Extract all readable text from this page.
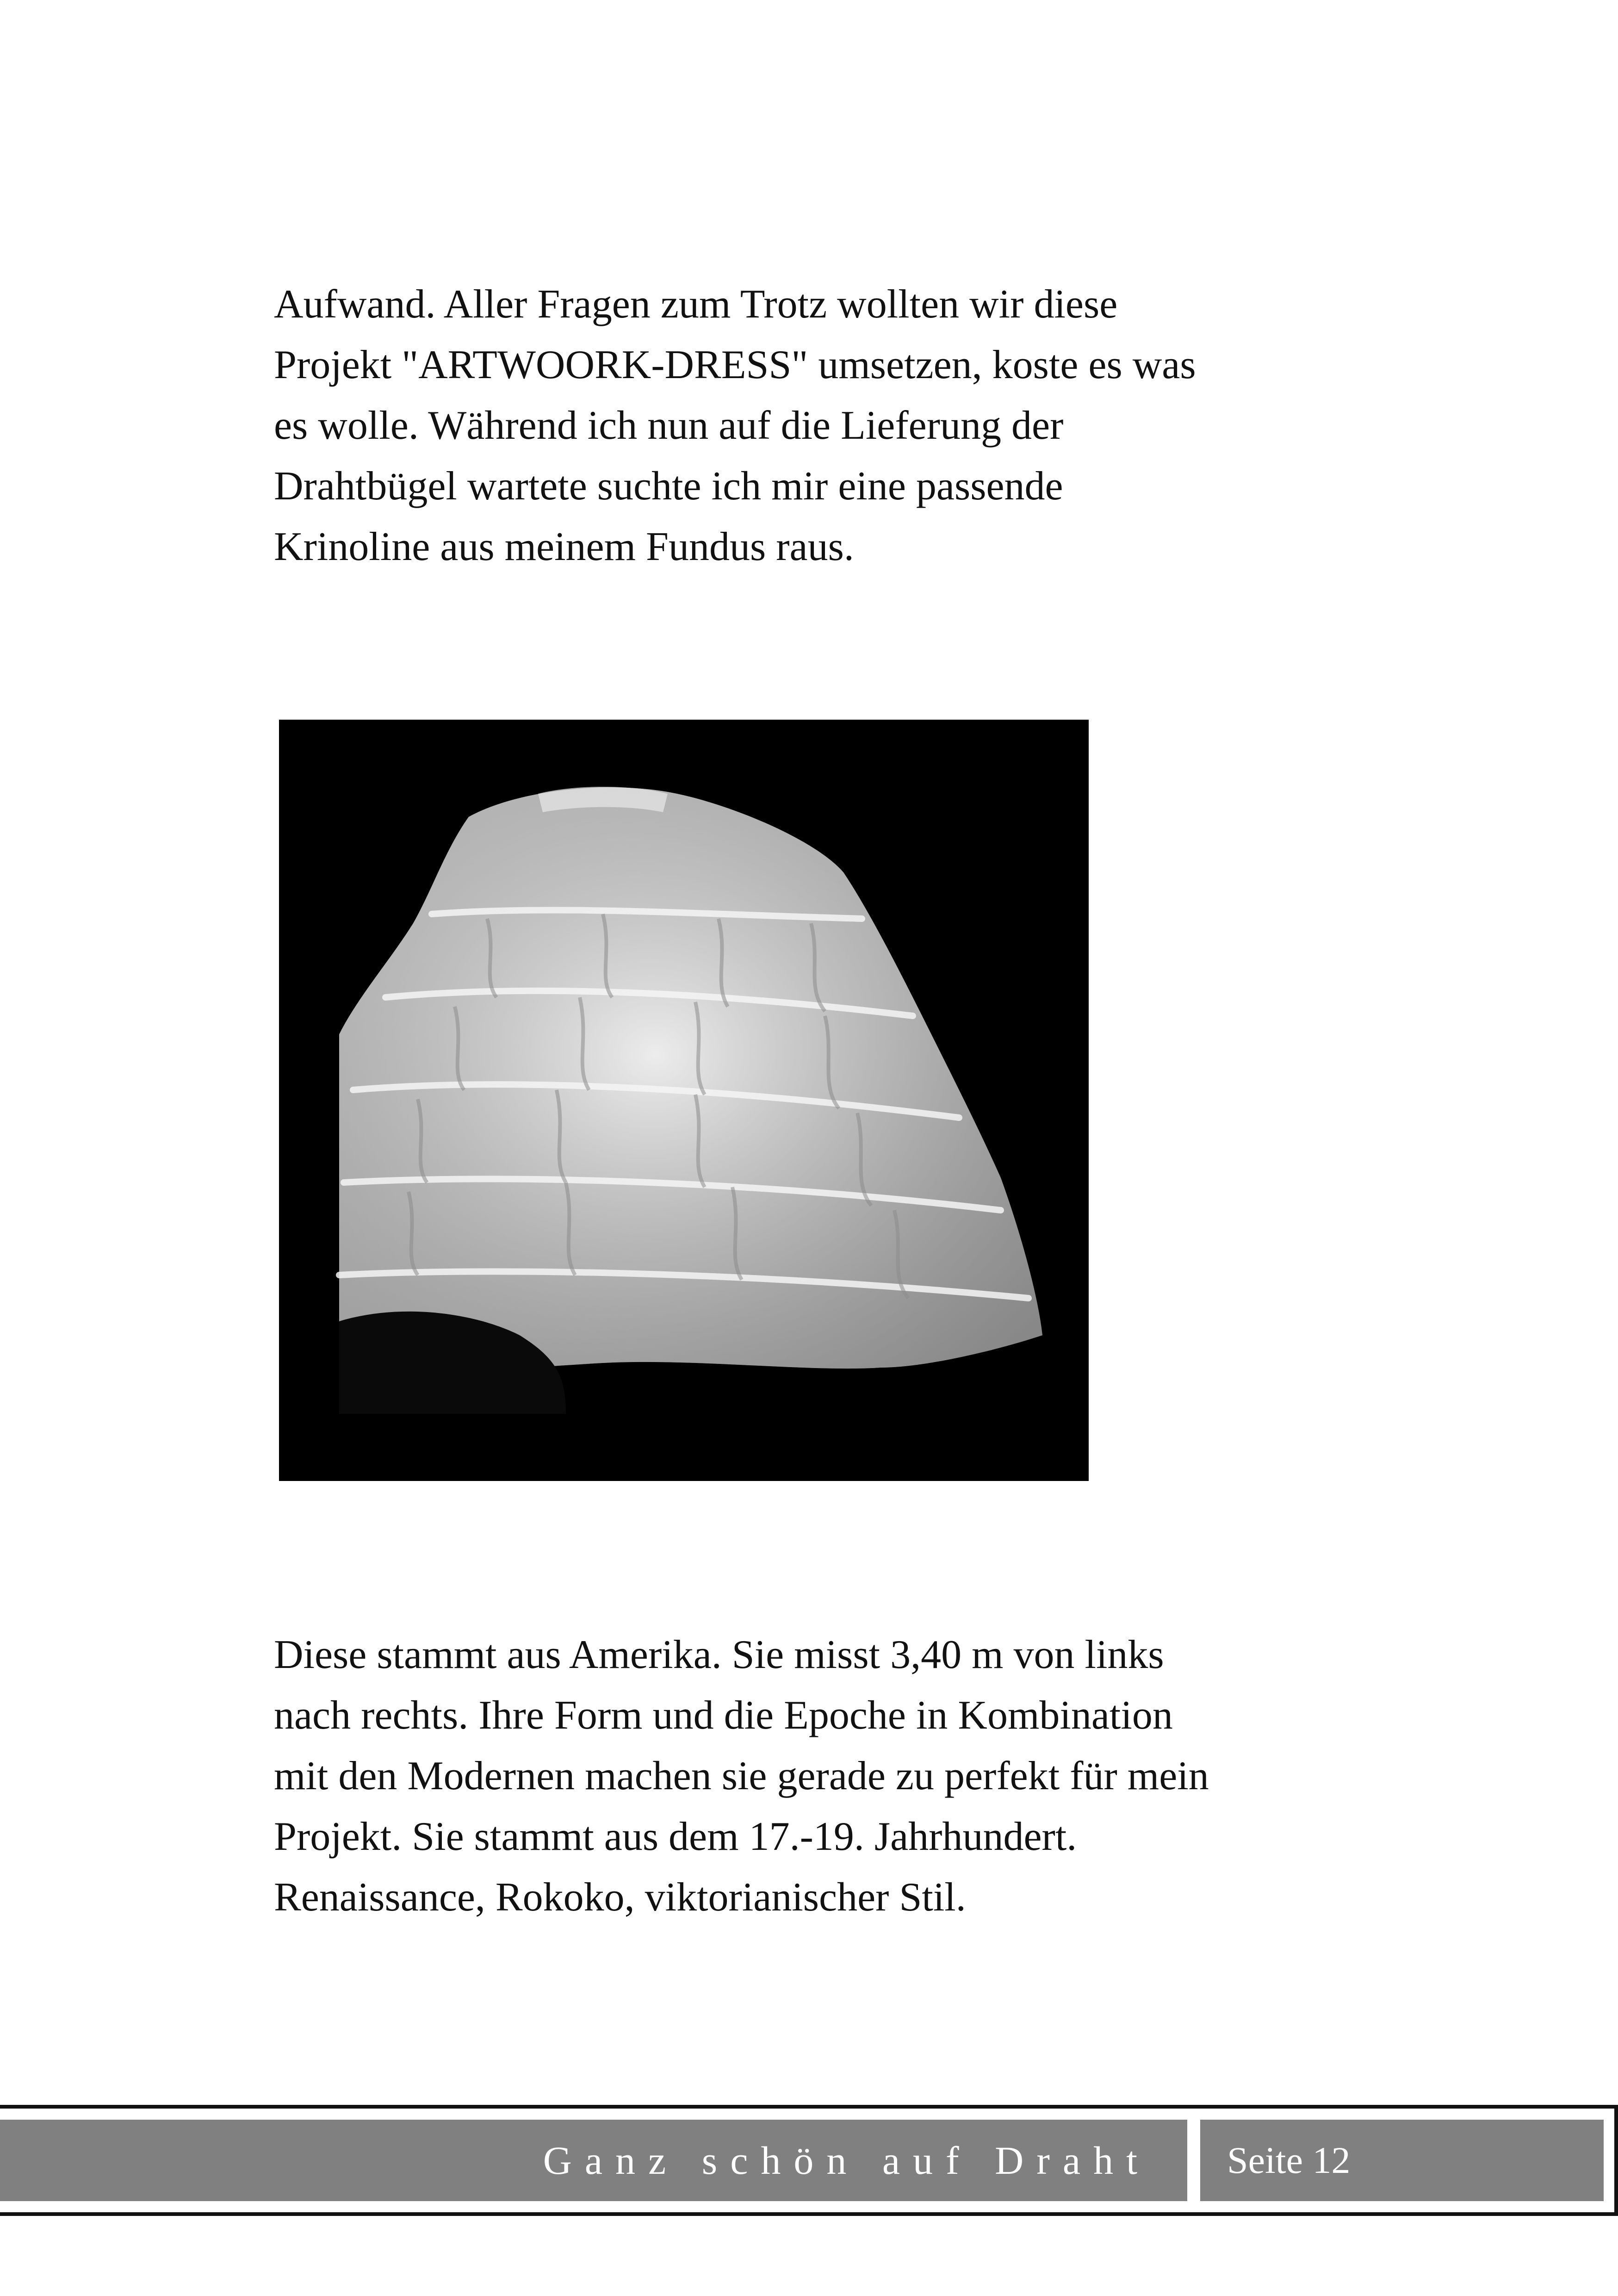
Aufwand. Aller Fragen zum Trotz wollten wir diese
Projekt "ARTWOORK-DRESS" umsetzen, koste es was
es wolle. Während ich nun auf die Lieferung der
Drahtbügel wartete suchte ich mir eine passende
Krinoline aus meinem Fundus raus.

Diese stammt aus Amerika. Sie misst 3,40 m von links
nach rechts. Ihre Form und die Epoche in Kombination
mit den Modernen machen sie gerade zu perfekt für mein
Projekt. Sie stammt aus dem 17.-19. Jahrhundert.
Renaissance, Rokoko, viktorianischer Stil.

Ganz schön auf Draht Seite 12
